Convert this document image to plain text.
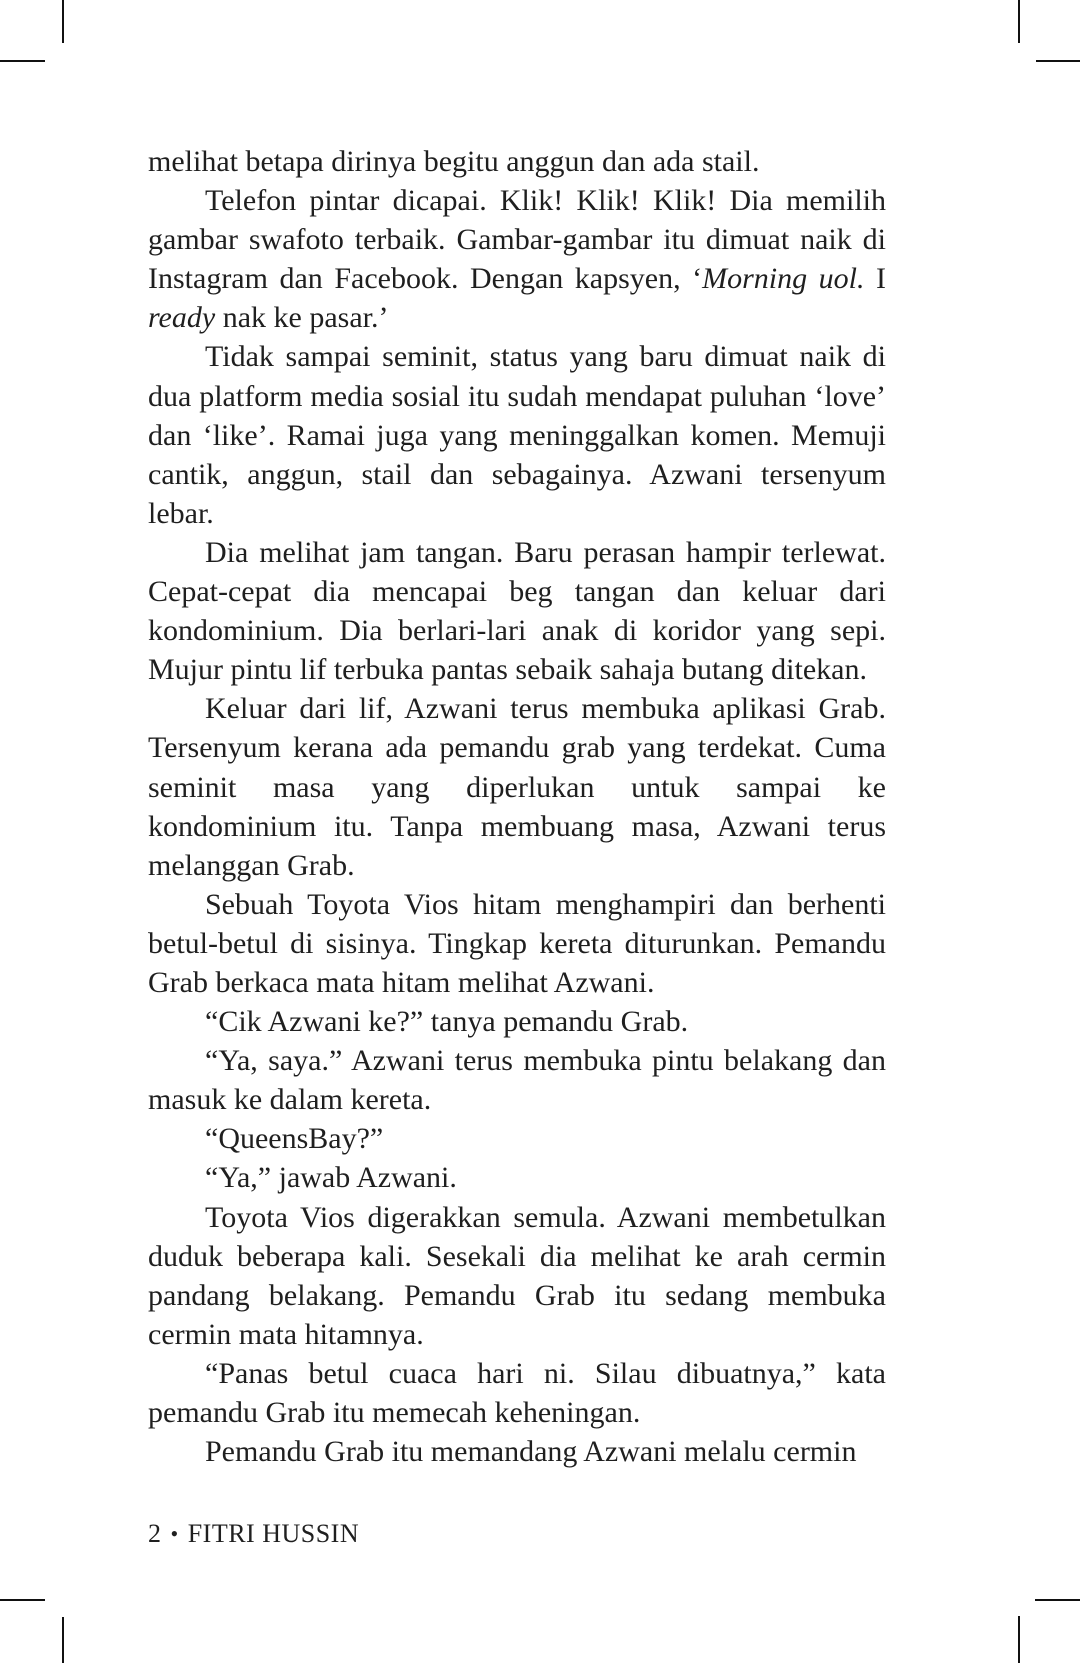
melihat betapa dirinya begitu anggun dan ada stail.

Telefon pintar dicapai. Klik! Klik! Klik! Dia memilih gambar swafoto terbaik. Gambar-gambar itu dimuat naik di Instagram dan Facebook. Dengan kapsyen, ‘Morning uol. I ready nak ke pasar.’

Tidak sampai seminit, status yang baru dimuat naik di dua platform media sosial itu sudah mendapat puluhan ‘love’ dan ‘like’. Ramai juga yang meninggalkan komen. Memuji cantik, anggun, stail dan sebagainya. Azwani tersenyum lebar.

Dia melihat jam tangan. Baru perasan hampir terlewat. Cepat-cepat dia mencapai beg tangan dan keluar dari kondominium. Dia berlari-lari anak di koridor yang sepi. Mujur pintu lif terbuka pantas sebaik sahaja butang ditekan.

Keluar dari lif, Azwani terus membuka aplikasi Grab. Tersenyum kerana ada pemandu grab yang terdekat. Cuma seminit masa yang diperlukan untuk sampai ke kondominium itu. Tanpa membuang masa, Azwani terus melanggan Grab.

Sebuah Toyota Vios hitam menghampiri dan berhenti betul-betul di sisinya. Tingkap kereta diturunkan. Pemandu Grab berkaca mata hitam melihat Azwani.

“Cik Azwani ke?” tanya pemandu Grab.

“Ya, saya.” Azwani terus membuka pintu belakang dan masuk ke dalam kereta.

“QueensBay?”

“Ya,” jawab Azwani.

Toyota Vios digerakkan semula. Azwani membetulkan duduk beberapa kali. Sesekali dia melihat ke arah cermin pandang belakang. Pemandu Grab itu sedang membuka cermin mata hitamnya.

“Panas betul cuaca hari ni. Silau dibuatnya,” kata pemandu Grab itu memecah keheningan.

Pemandu Grab itu memandang Azwani melalu cermin

2 • FITRI HUSSIN
